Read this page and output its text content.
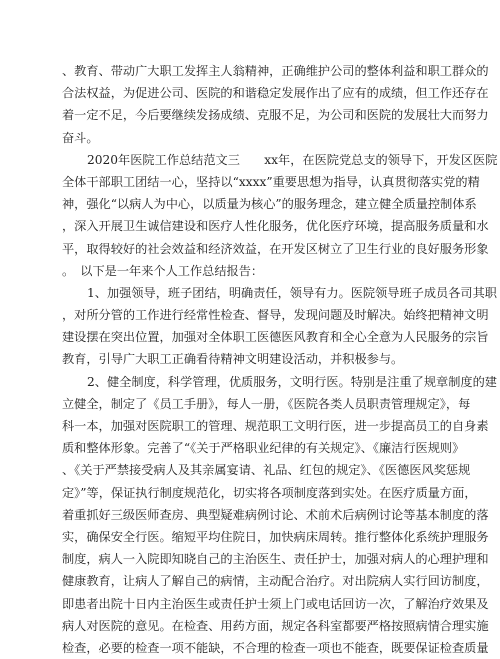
、教育、带动广大职工发挥主人翁精神，正确维护公司的整体利益和职工群众的
合法权益，为促进公司、医院的和谐稳定发展作出了应有的成绩，但工作还存在
着一定不足，今后要继续发扬成绩、克服不足，为公司和医院的发展壮大而努力
奋斗。
2020年医院工作总结范文三　　xx年，在医院党总支的领导下，开发区医院
全体干部职工团结一心，坚持以“xxxx”重要思想为指导，认真贯彻落实党的精
神，强化“以病人为中心，以质量为核心”的服务理念，建立健全质量控制体系
，深入开展卫生诚信建设和医疗人性化服务，优化医疗环境，提高服务质量和水
平，取得较好的社会效益和经济效益，在开发区树立了卫生行业的良好服务形象
。　以下是一年来个人工作总结报告：
1、加强领导，班子团结，明确责任，领导有力。医院领导班子成员各司其职
，对所分管的工作进行经常性检查、督导，发现问题及时解决。始终把精神文明
建设摆在突出位置，加强对全体职工医德医风教育和全心全意为人民服务的宗旨
教育，引导广大职工正确看待精神文明建设活动，并积极参与。
2、健全制度，科学管理，优质服务，文明行医。特别是注重了规章制度的建
立健全，制定了《员工手册》，每人一册，《医院各类人员职责管理规定》，每
科一本，加强对医院职工的管理、规范职工文明行医，进一步提高员工的自身素
质和整体形象。完善了“《关于严格职业纪律的有关规定》、《廉洁行医规则》
、《关于严禁接受病人及其亲属宴请、礼品、红包的规定》、《医德医风奖惩规
定》”等，保证执行制度规范化，切实将各项制度落到实处。在医疗质量方面，
着重抓好三级医师查房、典型疑难病例讨论、术前术后病例讨论等基本制度的落
实，确保安全行医。缩短平均住院日，加快病床周转。推行整体化系统护理服务
制度，病人一入院即知晓自己的主治医生、责任护士，加强对病人的心理护理和
健康教育，让病人了解自己的病情，主动配合治疗。对出院病人实行回访制度，
即患者出院十日内主治医生或责任护士须上门或电话回访一次，了解治疗效果及
病人对医院的意见。在检查、用药方面，规定各科室都要严格按照病情合理实施
检查，必要的检查一项不能缺，不合理的检查一项也不能查，既要保证检查质量
